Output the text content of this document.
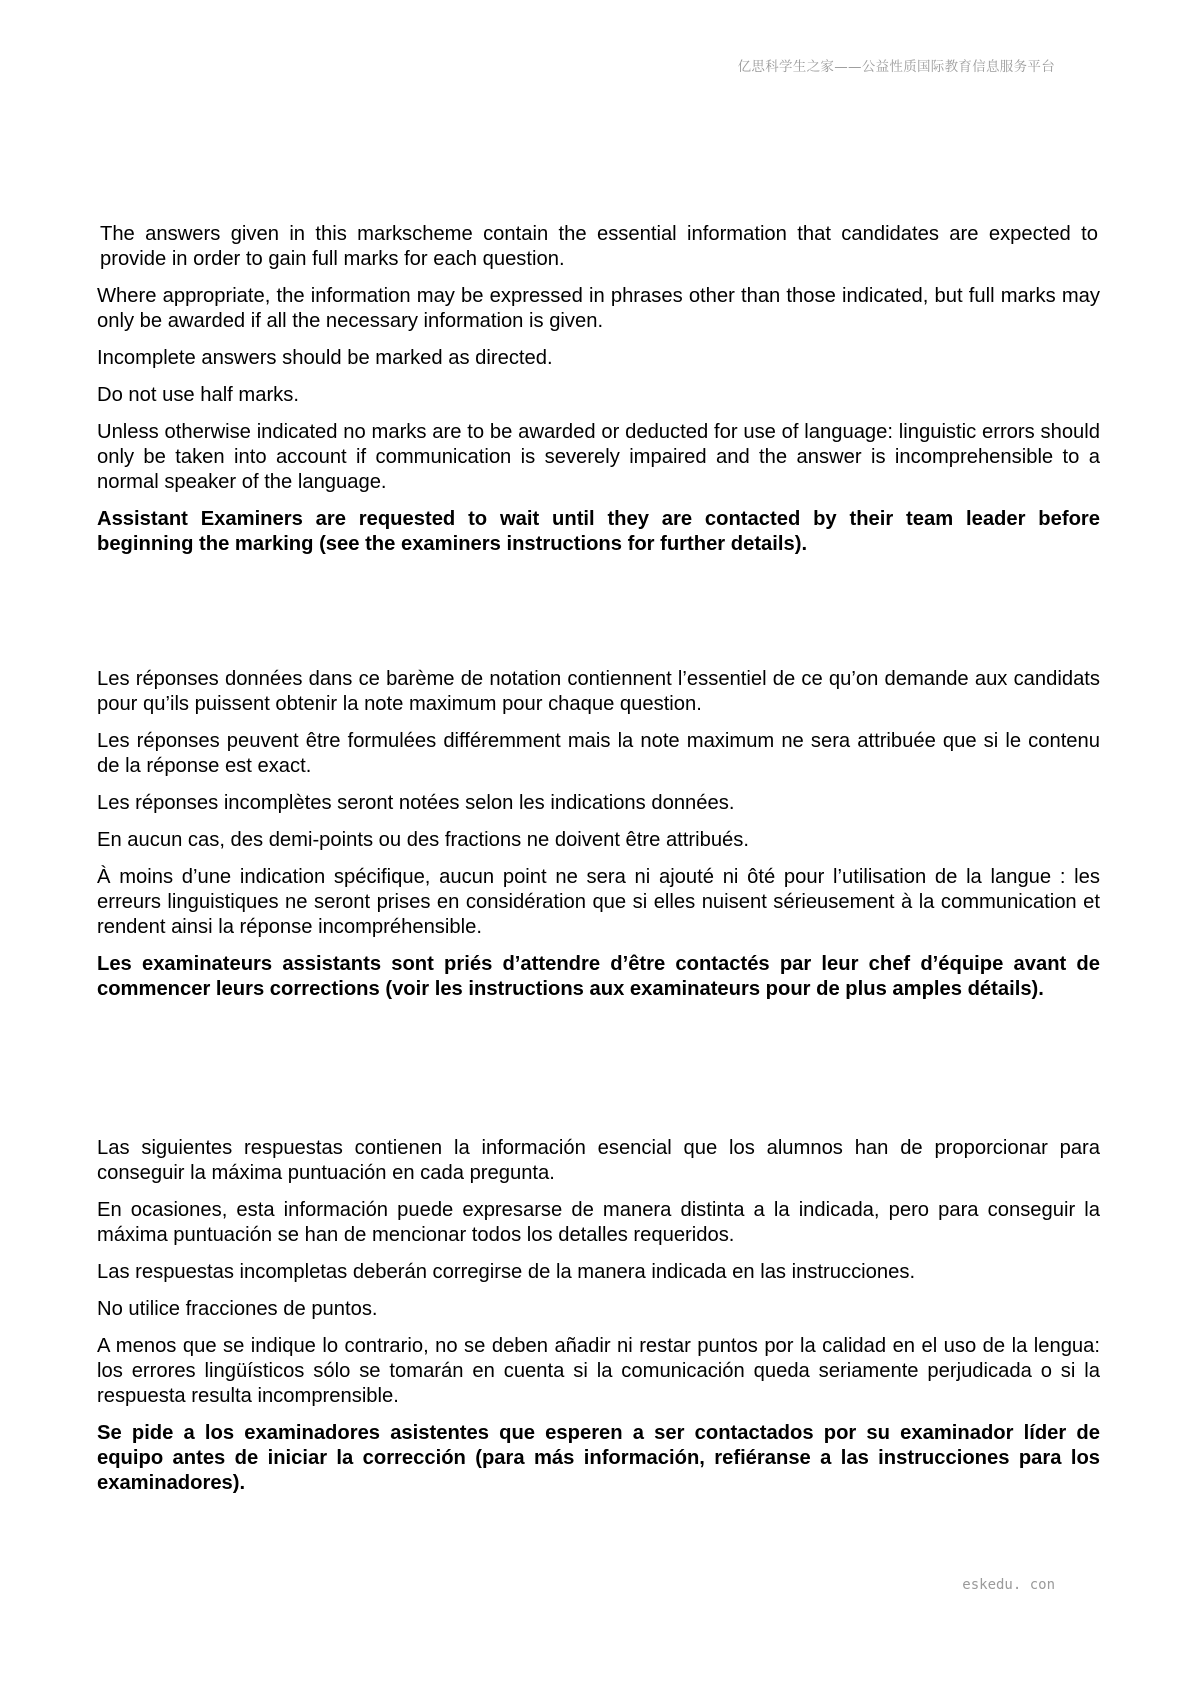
亿思科学生之家——公益性质国际教育信息服务平台

The answers given in this markscheme contain the essential information that candidates are expected to provide in order to gain full marks for each question.

Where appropriate, the information may be expressed in phrases other than those indicated, but full marks may only be awarded if all the necessary information is given.

Incomplete answers should be marked as directed.

Do not use half marks.

Unless otherwise indicated no marks are to be awarded or deducted for use of language: linguistic errors should only be taken into account if communication is severely impaired and the answer is incomprehensible to a normal speaker of the language.

Assistant Examiners are requested to wait until they are contacted by their team leader before beginning the marking (see the examiners instructions for further details).

Les réponses données dans ce barème de notation contiennent l’essentiel de ce qu’on demande aux candidats pour qu’ils puissent obtenir la note maximum pour chaque question.

Les réponses peuvent être formulées différemment mais la note maximum ne sera attribuée que si le contenu de la réponse est exact.

Les réponses incomplètes seront notées selon les indications données.

En aucun cas, des demi-points ou des fractions ne doivent être attribués.

À moins d’une indication spécifique, aucun point ne sera ni ajouté ni ôté pour l’utilisation de la langue : les erreurs linguistiques ne seront prises en considération que si elles nuisent sérieusement à la communication et rendent ainsi la réponse incompréhensible.

Les examinateurs assistants sont priés d’attendre d’être contactés par leur chef d’équipe avant de commencer leurs corrections (voir les instructions aux examinateurs pour de plus amples détails).

Las siguientes respuestas contienen la información esencial que los alumnos han de proporcionar para conseguir la máxima puntuación en cada pregunta.

En ocasiones, esta información puede expresarse de manera distinta a la indicada, pero para conseguir la máxima puntuación se han de mencionar todos los detalles requeridos.

Las respuestas incompletas deberán corregirse de la manera indicada en las instrucciones.

No utilice fracciones de puntos.

A menos que se indique lo contrario, no se deben añadir ni restar puntos por la calidad en el uso de la lengua: los errores lingüísticos sólo se tomarán en cuenta si la comunicación queda seriamente perjudicada o si la respuesta resulta incomprensible.

Se pide a los examinadores asistentes que esperen a ser contactados por su examinador líder de equipo antes de iniciar la corrección (para más información, refiéranse a las instrucciones para los examinadores).

eskedu. con
